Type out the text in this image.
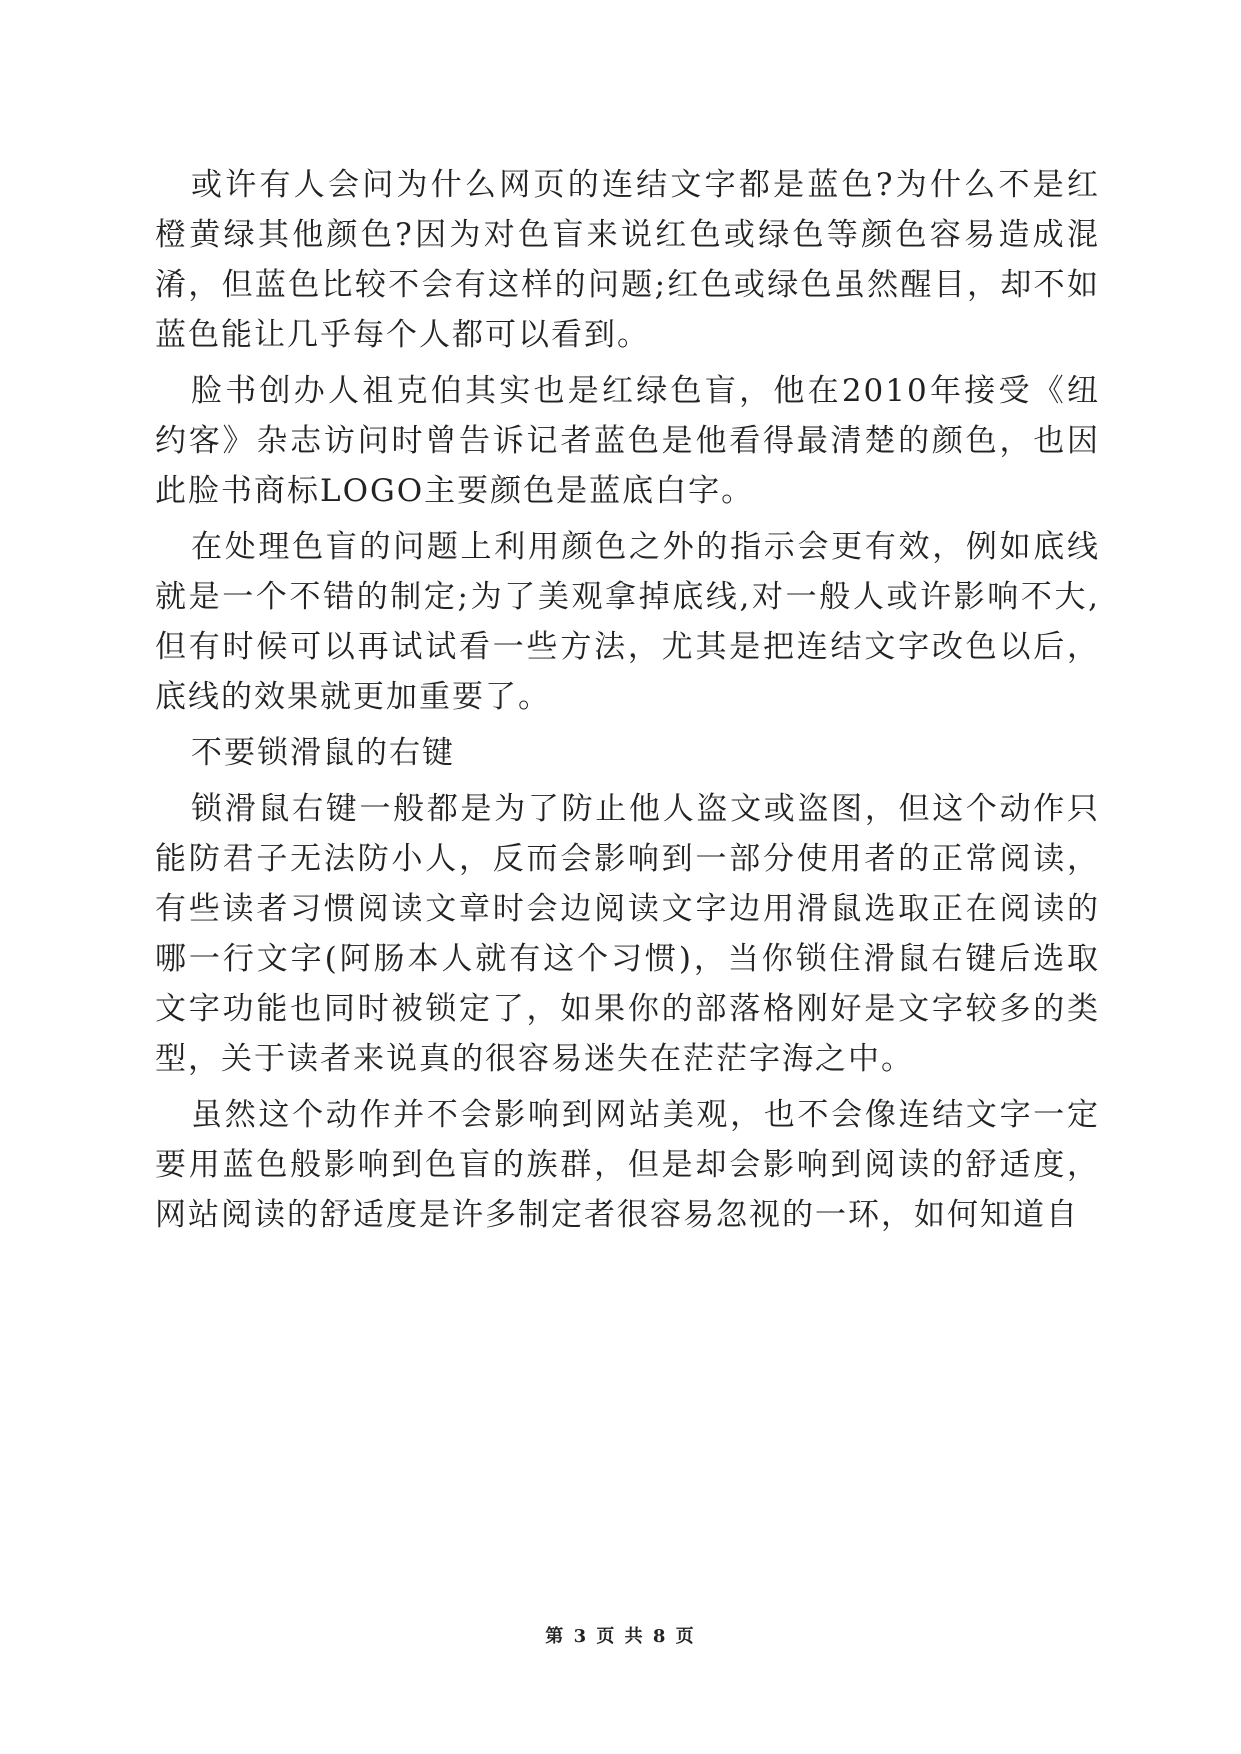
或许有人会问为什么网页的连结文字都是蓝色?为什么不是红橙黄绿其他颜色?因为对色盲来说红色或绿色等颜色容易造成混淆，但蓝色比较不会有这样的问题;红色或绿色虽然醒目，却不如蓝色能让几乎每个人都可以看到。

脸书创办人祖克伯其实也是红绿色盲，他在2010年接受《纽约客》杂志访问时曾告诉记者蓝色是他看得最清楚的颜色，也因此脸书商标LOGO主要颜色是蓝底白字。

在处理色盲的问题上利用颜色之外的指示会更有效，例如底线就是一个不错的制定;为了美观拿掉底线,对一般人或许影响不大,但有时候可以再试试看一些方法，尤其是把连结文字改色以后，底线的效果就更加重要了。

不要锁滑鼠的右键

锁滑鼠右键一般都是为了防止他人盗文或盗图，但这个动作只能防君子无法防小人，反而会影响到一部分使用者的正常阅读，有些读者习惯阅读文章时会边阅读文字边用滑鼠选取正在阅读的哪一行文字(阿肠本人就有这个习惯)，当你锁住滑鼠右键后选取文字功能也同时被锁定了，如果你的部落格刚好是文字较多的类型，关于读者来说真的很容易迷失在茫茫字海之中。

虽然这个动作并不会影响到网站美观，也不会像连结文字一定要用蓝色般影响到色盲的族群，但是却会影响到阅读的舒适度，网站阅读的舒适度是许多制定者很容易忽视的一环，如何知道自

第 3 页 共 8 页
